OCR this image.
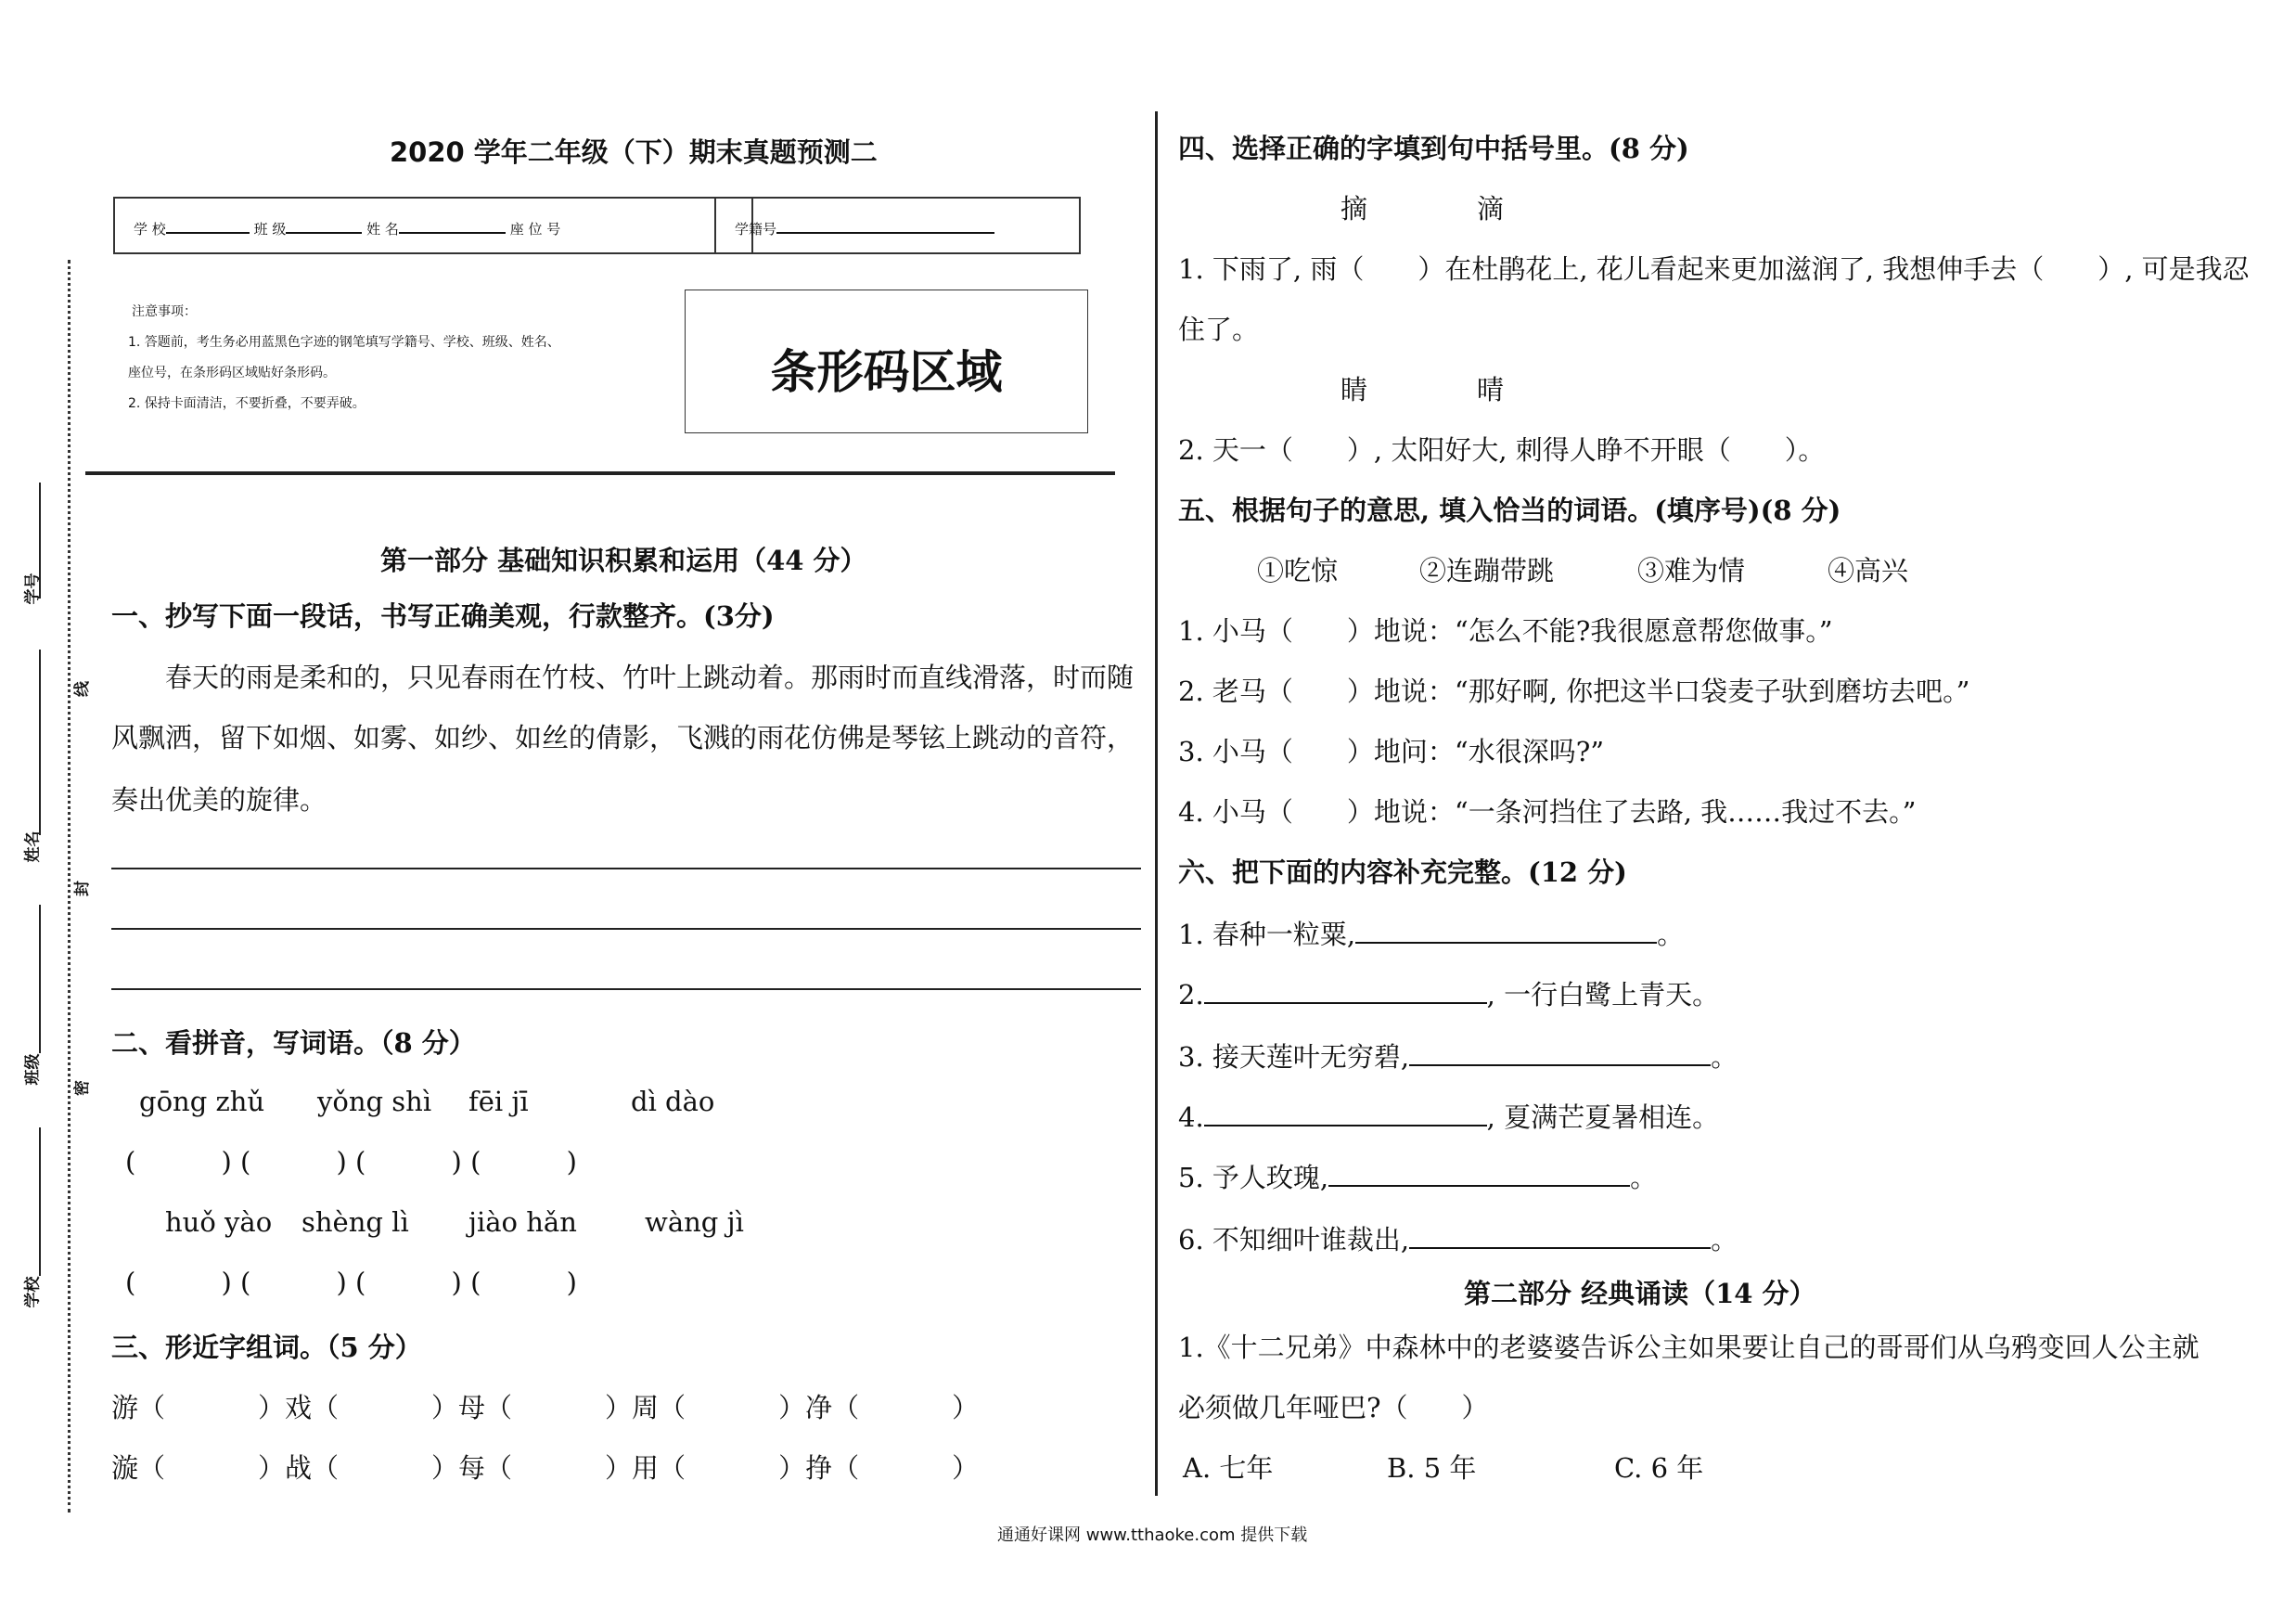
学号
姓名
班级
学校
线
封
密
2020 学年二年级（下）期末真题预测二
学 校	班 级	姓 名	座 位 号	学籍号
注意事项：
1. 答题前，考生务必用蓝黑色字迹的钢笔填写学籍号、学校、班级、姓名、
座位号，在条形码区域贴好条形码。
2. 保持卡面清洁，不要折叠，不要弄破。
条形码区域
第一部分 基础知识积累和运用（44 分）
一、抄写下面一段话，书写正确美观，行款整齐。(3分)
春天的雨是柔和的，只见春雨在竹枝、竹叶上跳动着。那雨时而直线滑落，时而随
风飘洒，留下如烟、如雾、如纱、如丝的倩影，飞溅的雨花仿佛是琴铉上跳动的音符，
奏出优美的旋律。
二、看拼音，写词语。（8 分）
gōng zhǔ yǒng shì fēi jī	dì dào
(          ) (          ) (          ) (          )
huǒ yào shèng lì jiào hǎn	wàng jì
(          ) (          ) (          ) (          )
三、形近字组词。（5 分）
游（	）戏（	）母（	）周（	）净（	）
漩（	）战（	）每（	）用（	）挣（	）
四、选择正确的字填到句中括号里。(8 分)
摘	滴
1. 下雨了, 雨（　　）在杜鹃花上, 花儿看起来更加滋润了, 我想伸手去（　　）, 可是我忍
住了。
睛	晴
2. 天一（　　）, 太阳好大, 刺得人睁不开眼（　　）。
五、根据句子的意思, 填入恰当的词语。(填序号)(8 分)
①吃惊	②连蹦带跳	③难为情	④高兴
1. 小马（　　）地说：“怎么不能?我很愿意帮您做事。”
2. 老马（　　）地说：“那好啊, 你把这半口袋麦子驮到磨坊去吧。”
3. 小马（　　）地问：“水很深吗?”
4. 小马（　　）地说：“一条河挡住了去路, 我……我过不去。”
六、把下面的内容补充完整。(12 分)
1. 春种一粒粟,	。
2.	, 一行白鹭上青天。
3. 接天莲叶无穷碧,	。
4.	, 夏满芒夏暑相连。
5. 予人玫瑰,	。
6. 不知细叶谁裁出,	。
第二部分 经典诵读（14 分）
1.《十二兄弟》中森林中的老婆婆告诉公主如果要让自己的哥哥们从乌鸦变回人公主就
必须做几年哑巴?（　　）
A. 七年	B. 5 年	C. 6 年
通通好课网 www.tthaoke.com 提供下载
